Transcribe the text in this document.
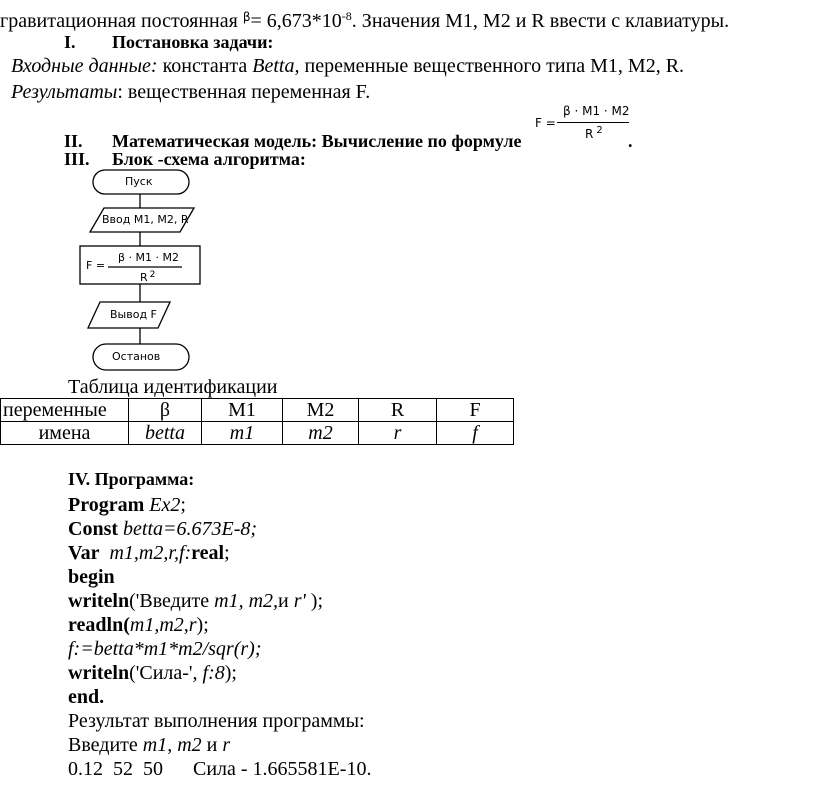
гравитационная постоянная $^\beta= 6,673*10^{-8}$. Значения М1, М2 и R ввести с клавиатуры.
I. Постановка задачи:
Входные данные: константа Betta, переменные вещественного типа М1, М2, R.
Результаты: вещественная переменная F.
II. Математическая модель: Вычисление по формуле	.
F =
β · M1 · M2
R $^2$
III. Блок -схема алгоритма:
Пуск
Ввод M1, M2, R
F =
β · M1 · M2
R $^2$
Вывод F
Останов
Таблица идентификации
переменные	β	М1	М2	R	F
имена	betta	m1	m2	r	f
IV. Программа:
Program Ex2;
Const betta=6.673E-8;
Var  m1,m2,r,f:real;
begin
writeln('Введите m1, m2,и r' );
readln(m1,m2,r);
f:=betta*m1*m2/sqr(r);
writeln('Сила-', f:8);
end.
Результат выполнения программы:
Введите m1, m2 и r
0.12  52  50      Сила - 1.665581E-10.
